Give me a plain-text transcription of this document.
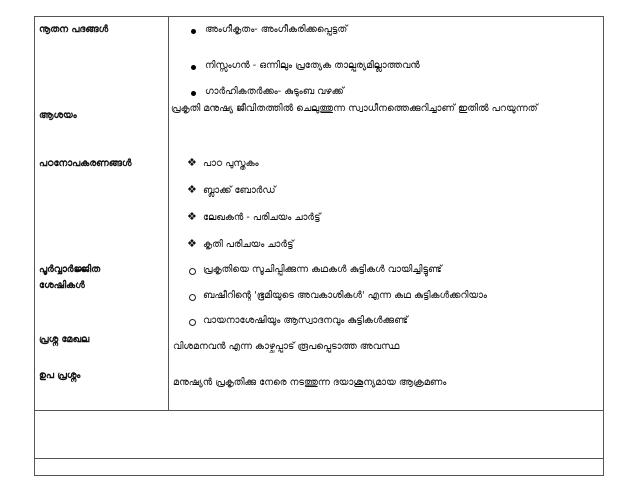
നൂതന പദങ്ങൾ	അംഗീകൃതം- അംഗീകരിക്കപ്പെട്ടത്
നിസ്സംഗൻ - ഒന്നിലും പ്രത്യേക താല്പര്യമില്ലാത്തവൻ
ഗാർഹികതർക്കം- കുടുംബ വഴക്ക്
ആശയം
പ്രകൃതി മനുഷ്യ ജീവിതത്തിൽ ചെലുത്തുന്ന സ്വാധീനത്തെക്കുറിച്ചാണ് ഇതിൽ പറയുന്നത്
പഠനോപകരണങ്ങൾ	❖ പാഠ പുസ്തകം
❖ ബ്ലാക്ക് ബോർഡ്
❖ ലേഖകൻ - പരിചയം ചാർട്ട്
❖ കൃതി പരിചയം ചാർട്ട്
പൂർവ്വാർജ്ജിത
ശേഷികൾ
പ്രകൃതിയെ സൂചിപ്പിക്കുന്ന കഥകൾ കുട്ടികൾ വായിച്ചിട്ടുണ്ട്
ബഷീറിന്റെ 'ഭൂമിയുടെ അവകാശികൾ' എന്ന കഥ കുട്ടികൾക്കറിയാം
വായനാശേഷിയും ആസ്വാദനവും കുട്ടികൾക്കുണ്ട്
പ്രശ്ന മേഖല
വിശമനവൻ എന്ന കാഴ്ചപ്പാട് രൂപപ്പെടാത്ത അവസ്ഥ
ഉപ പ്രശ്നം
മനുഷ്യൻ പ്രകൃതിക്കു നേരെ നടത്തുന്ന ദയാശൂന്യമായ ആക്രമണം
